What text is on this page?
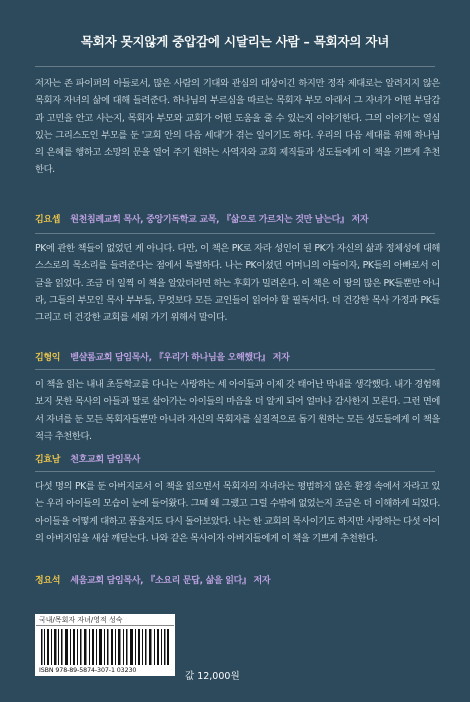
목회자 못지않게 중압감에 시달리는 사람 – 목회자의 자녀

저자는 존 파이퍼의 아들로서, 많은 사람의 기대와 관심의 대상이긴 하지만 정작 제대로는 알려지지 않은 목회자 자녀의 삶에 대해 들려준다. 하나님의 부르심을 따르는 목회자 부모 아래서 그 자녀가 어떤 부담감과 고민을 안고 사는지, 목회자 부모와 교회가 어떤 도움을 줄 수 있는지 이야기한다. 그의 이야기는 열심 있는 그리스도인 부모를 둔 '교회 안의 다음 세대'가 겪는 일이기도 하다. 우리의 다음 세대를 위해 하나님의 은혜를 행하고 소망의 문을 열어 주기 원하는 사역자와 교회 제직들과 성도들에게 이 책을 기쁘게 추천한다.

김요셉 원천침례교회 목사, 중앙기독학교 교목, 『삶으로 가르치는 것만 남는다』 저자

PK에 관한 책들이 없었던 게 아니다. 다만, 이 책은 PK로 자라 성인이 된 PK가 자신의 삶과 정체성에 대해 스스로의 목소리를 들려준다는 점에서 특별하다. 나는 PK이셨던 어머니의 아들이자, PK들의 아빠로서 이 글을 읽었다. 조금 더 일찍 이 책을 알았더라면 하는 후회가 밀려온다. 이 책은 이 땅의 많은 PK들뿐만 아니라, 그들의 부모인 목사 부부들, 무엇보다 모든 교인들이 읽어야 할 필독서다. 더 건강한 목사 가정과 PK들 그리고 더 건강한 교회를 세워 가기 위해서 말이다.

김형익 벧샬롬교회 담임목사, 『우리가 하나님을 오해했다』 저자

이 책을 읽는 내내 초등학교를 다니는 사랑하는 세 아이들과 이제 갓 태어난 막내를 생각했다. 내가 경험해 보지 못한 목사의 아들과 딸로 살아가는 아이들의 마음을 더 알게 되어 얼마나 감사한지 모른다. 그런 면에서 자녀를 둔 모든 목회자들뿐만 아니라 자신의 목회자를 실질적으로 돕기 원하는 모든 성도들에게 이 책을 적극 추천한다.

김효남 천호교회 담임목사

다섯 명의 PK를 둔 아버지로서 이 책을 읽으면서 목회자의 자녀라는 평범하지 않은 환경 속에서 자라고 있는 우리 아이들의 모습이 눈에 들어왔다. 그때 왜 그랬고 그럴 수밖에 없었는지 조금은 더 이해하게 되었다. 아이들을 어떻게 대하고 품을지도 다시 돌아보았다. 나는 한 교회의 목사이기도 하지만 사랑하는 다섯 아이의 아버지임을 새삼 깨닫는다. 나와 같은 목사이자 아버지들에게 이 책을 기쁘게 추천한다.

정요석 세움교회 담임목사, 『소요리 문답, 삶을 읽다』 저자
국내/목회자 자녀/영적 성숙
ISBN 978-89-5874-307-1 03230
값 12,000원
